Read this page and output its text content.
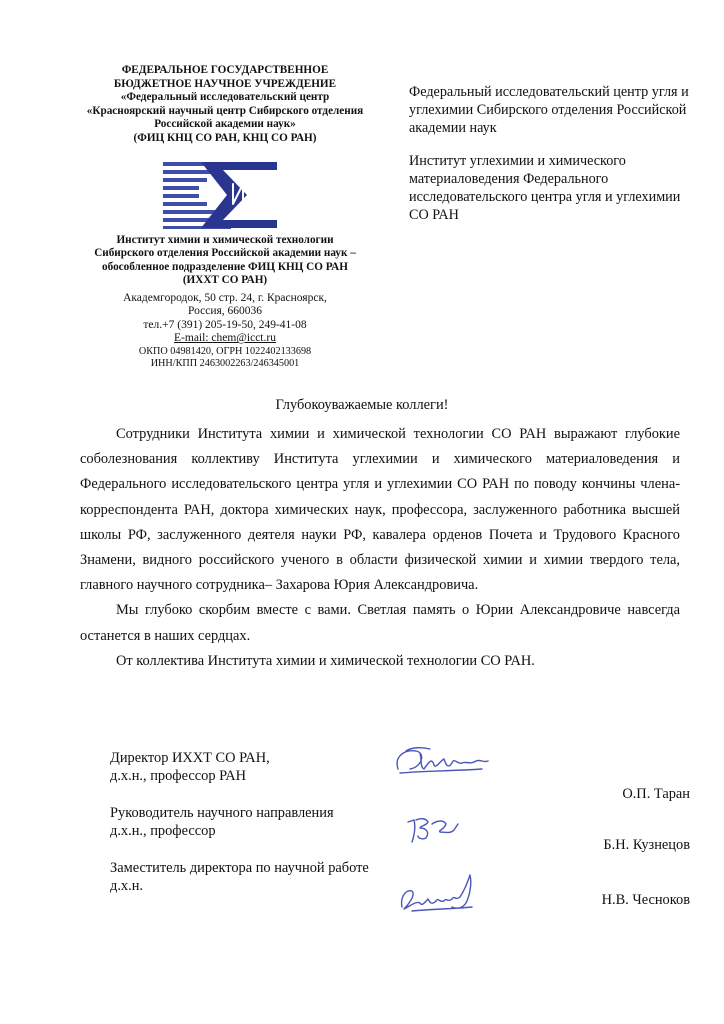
ФЕДЕРАЛЬНОЕ ГОСУДАРСТВЕННОЕ
БЮДЖЕТНОЕ НАУЧНОЕ УЧРЕЖДЕНИЕ
«Федеральный исследовательский центр
«Красноярский научный центр Сибирского отделения
Российской академии наук»
(ФИЦ КНЦ СО РАН, КНЦ СО РАН)
ИХХТ
Институт химии и химической технологии
Сибирского отделения Российской академии наук –
обособленное подразделение ФИЦ КНЦ СО РАН
(ИХХТ СО РАН)
Академгородок, 50 стр. 24, г. Красноярск,
Россия, 660036
тел.+7 (391) 205-19-50, 249-41-08
E-mail: chem@icct.ru
ОКПО 04981420, ОГРН 1022402133698
ИНН/КПП 2463002263/246345001

Федеральный исследовательский центр угля и углехимии Сибирского отделения Российской академии наук

Институт углехимии и химического материаловедения Федерального исследовательского центра угля и углехимии СО РАН

Глубокоуважаемые коллеги!

Сотрудники Института химии и химической технологии СО РАН выражают глубокие соболезнования коллективу Института углехимии и химического материаловедения и Федерального исследовательского центра угля и углехимии СО РАН по поводу кончины члена-корреспондента РАН, доктора химических наук, профессора, заслуженного работника высшей школы РФ, заслуженного деятеля науки РФ, кавалера орденов Почета и Трудового Красного Знамени, видного российского ученого в области физической химии и химии твердого тела, главного научного сотрудника– Захарова Юрия Александровича.

Мы глубоко скорбим вместе с вами. Светлая память о Юрии Александровиче навсегда останется в наших сердцах.

От коллектива Института химии и химической технологии СО РАН.

Директор ИХХТ СО РАН,
д.х.н., профессор РАН
О.П. Таран
Руководитель научного направления
д.х.н., профессор
Б.Н. Кузнецов
Заместитель директора по научной работе
д.х.н.
Н.В. Чесноков
